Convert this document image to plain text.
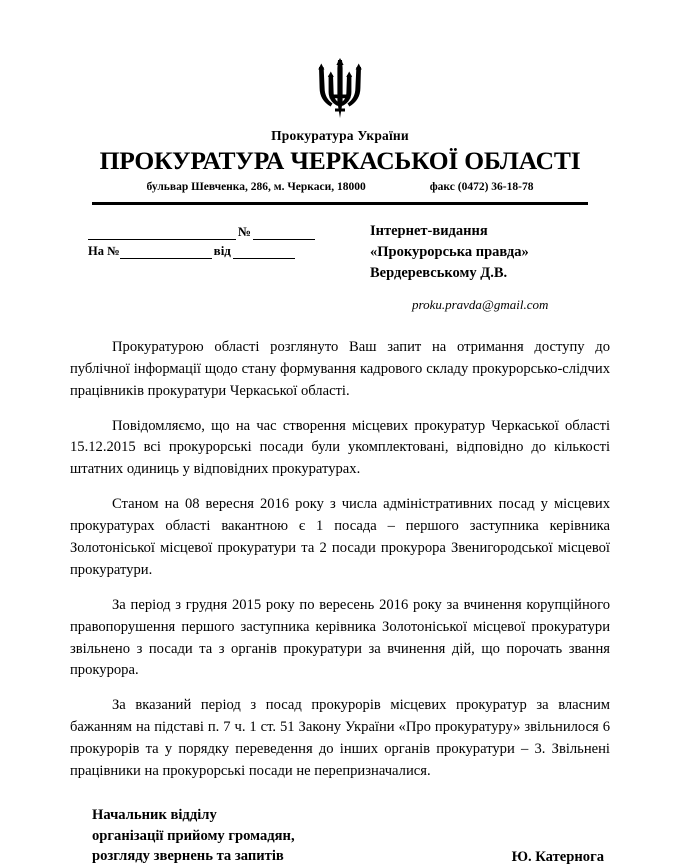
Прокуратура України
ПРОКУРАТУРА ЧЕРКАСЬКОЇ ОБЛАСТІ
бульвар Шевченка, 286, м. Черкаси, 18000	факс (0472) 36-18-78
№
На №	від
Інтернет-видання
«Прокурорська правда»
Вердеревському Д.В.
proku.pravda@gmail.com

Прокуратурою області розглянуто Ваш запит на отримання доступу до публічної інформації щодо стану формування кадрового складу прокурорсько-слідчих працівників прокуратури Черкаської області.

Повідомляємо, що на час створення місцевих прокуратур Черкаської області 15.12.2015 всі прокурорські посади були укомплектовані, відповідно до кількості штатних одиниць у відповідних прокуратурах.

Станом на 08 вересня 2016 року з числа адміністративних посад у місцевих прокуратурах області вакантною є 1 посада – першого заступника керівника Золотоніської місцевої прокуратури та 2 посади прокурора Звенигородської місцевої прокуратури.

За період з грудня 2015 року по вересень 2016 року за вчинення корупційного правопорушення першого заступника керівника Золотоніської місцевої прокуратури звільнено з посади та з органів прокуратури за вчинення дій, що порочать звання прокурора.

За вказаний період з посад прокурорів місцевих прокуратур за власним бажанням на підставі п. 7 ч. 1 ст. 51 Закону України «Про прокуратуру» звільнилося 6 прокурорів та у порядку переведення до інших органів прокуратури – 3. Звільнені працівники на прокурорські посади не перепризначалися.

Начальник відділу
організації прийому громадян,
розгляду звернень та запитів	Ю. Катернога
